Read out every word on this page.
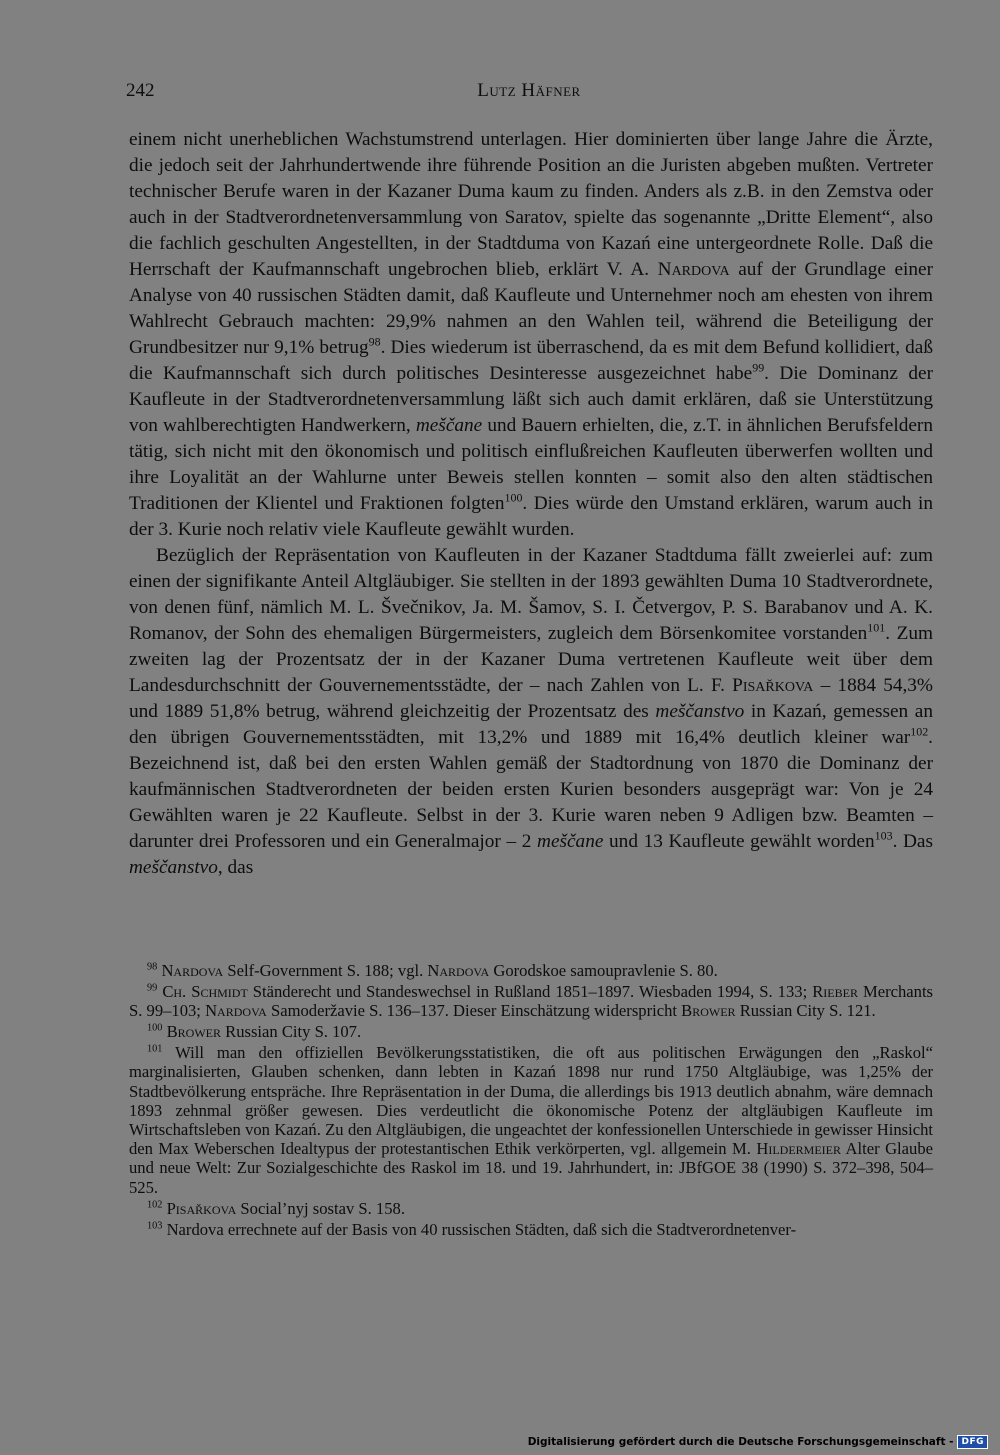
242	Lutz Häfner

einem nicht unerheblichen Wachstumstrend unterlagen. Hier dominierten über lange Jahre die Ärzte, die jedoch seit der Jahrhundertwende ihre führende Position an die Juristen abgeben mußten. Vertreter technischer Berufe waren in der Kazaner Duma kaum zu finden. Anders als z.B. in den Zemstva oder auch in der Stadtverordnetenversammlung von Saratov, spielte das sogenannte „Dritte Element“, also die fachlich geschulten Angestellten, in der Stadtduma von Kazań eine untergeordnete Rolle. Daß die Herrschaft der Kaufmannschaft ungebrochen blieb, erklärt V. A. Nardova auf der Grundlage einer Analyse von 40 russischen Städten damit, daß Kaufleute und Unternehmer noch am ehesten von ihrem Wahlrecht Gebrauch machten: 29,9% nahmen an den Wahlen teil, während die Beteiligung der Grundbesitzer nur 9,1% betrug$^{98}$. Dies wiederum ist überraschend, da es mit dem Befund kollidiert, daß die Kaufmannschaft sich durch politisches Desinteresse ausgezeichnet habe$^{99}$. Die Dominanz der Kaufleute in der Stadtverordnetenversammlung läßt sich auch damit erklären, daß sie Unterstützung von wahlberechtigten Handwerkern, meščane und Bauern erhielten, die, z.T. in ähnlichen Berufsfeldern tätig, sich nicht mit den ökonomisch und politisch einflußreichen Kaufleuten überwerfen wollten und ihre Loyalität an der Wahlurne unter Beweis stellen konnten – somit also den alten städtischen Traditionen der Klientel und Fraktionen folgten$^{100}$. Dies würde den Umstand erklären, warum auch in der 3. Kurie noch relativ viele Kaufleute gewählt wurden.

Bezüglich der Repräsentation von Kaufleuten in der Kazaner Stadtduma fällt zweierlei auf: zum einen der signifikante Anteil Altgläubiger. Sie stellten in der 1893 gewählten Duma 10 Stadtverordnete, von denen fünf, nämlich M. L. Švečnikov, Ja. M. Šamov, S. I. Četvergov, P. S. Barabanov und A. K. Romanov, der Sohn des ehemaligen Bürgermeisters, zugleich dem Börsenkomitee vorstanden$^{101}$. Zum zweiten lag der Prozentsatz der in der Kazaner Duma vertretenen Kaufleute weit über dem Landesdurchschnitt der Gouvernementsstädte, der – nach Zahlen von L. F. Pisařkova – 1884 54,3% und 1889 51,8% betrug, während gleichzeitig der Prozentsatz des meščanstvo in Kazań, gemessen an den übrigen Gouvernementsstädten, mit 13,2% und 1889 mit 16,4% deutlich kleiner war$^{102}$. Bezeichnend ist, daß bei den ersten Wahlen gemäß der Stadtordnung von 1870 die Dominanz der kaufmännischen Stadtverordneten der beiden ersten Kurien besonders ausgeprägt war: Von je 24 Gewählten waren je 22 Kaufleute. Selbst in der 3. Kurie waren neben 9 Adligen bzw. Beamten – darunter drei Professoren und ein Generalmajor – 2 meščane und 13 Kaufleute gewählt worden$^{103}$. Das meščanstvo, das

$^{98}$ Nardova Self-Government S. 188; vgl. Nardova Gorodskoe samoupravlenie S. 80.

$^{99}$ Ch. Schmidt Ständerecht und Standeswechsel in Rußland 1851–1897. Wiesbaden 1994, S. 133; Rieber Merchants S. 99–103; Nardova Samoderžavie S. 136–137. Dieser Einschätzung widerspricht Brower Russian City S. 121.

$^{100}$ Brower Russian City S. 107.

$^{101}$ Will man den offiziellen Bevölkerungsstatistiken, die oft aus politischen Erwägungen den „Raskol“ marginalisierten, Glauben schenken, dann lebten in Kazań 1898 nur rund 1750 Altgläubige, was 1,25% der Stadtbevölkerung entspräche. Ihre Repräsentation in der Duma, die allerdings bis 1913 deutlich abnahm, wäre demnach 1893 zehnmal größer gewesen. Dies verdeutlicht die ökonomische Potenz der altgläubigen Kaufleute im Wirtschaftsleben von Kazań. Zu den Altgläubigen, die ungeachtet der konfessionellen Unterschiede in gewisser Hinsicht den Max Weberschen Idealtypus der protestantischen Ethik verkörperten, vgl. allgemein M. Hildermeier Alter Glaube und neue Welt: Zur Sozialgeschichte des Raskol im 18. und 19. Jahrhundert, in: JBfGOE 38 (1990) S. 372–398, 504–525.

$^{102}$ Pisařkova Social’nyj sostav S. 158.

$^{103}$ Nardova errechnete auf der Basis von 40 russischen Städten, daß sich die Stadtverordnetenver-

Digitalisierung gefördert durch die Deutsche Forschungsgemeinschaft - DFG
